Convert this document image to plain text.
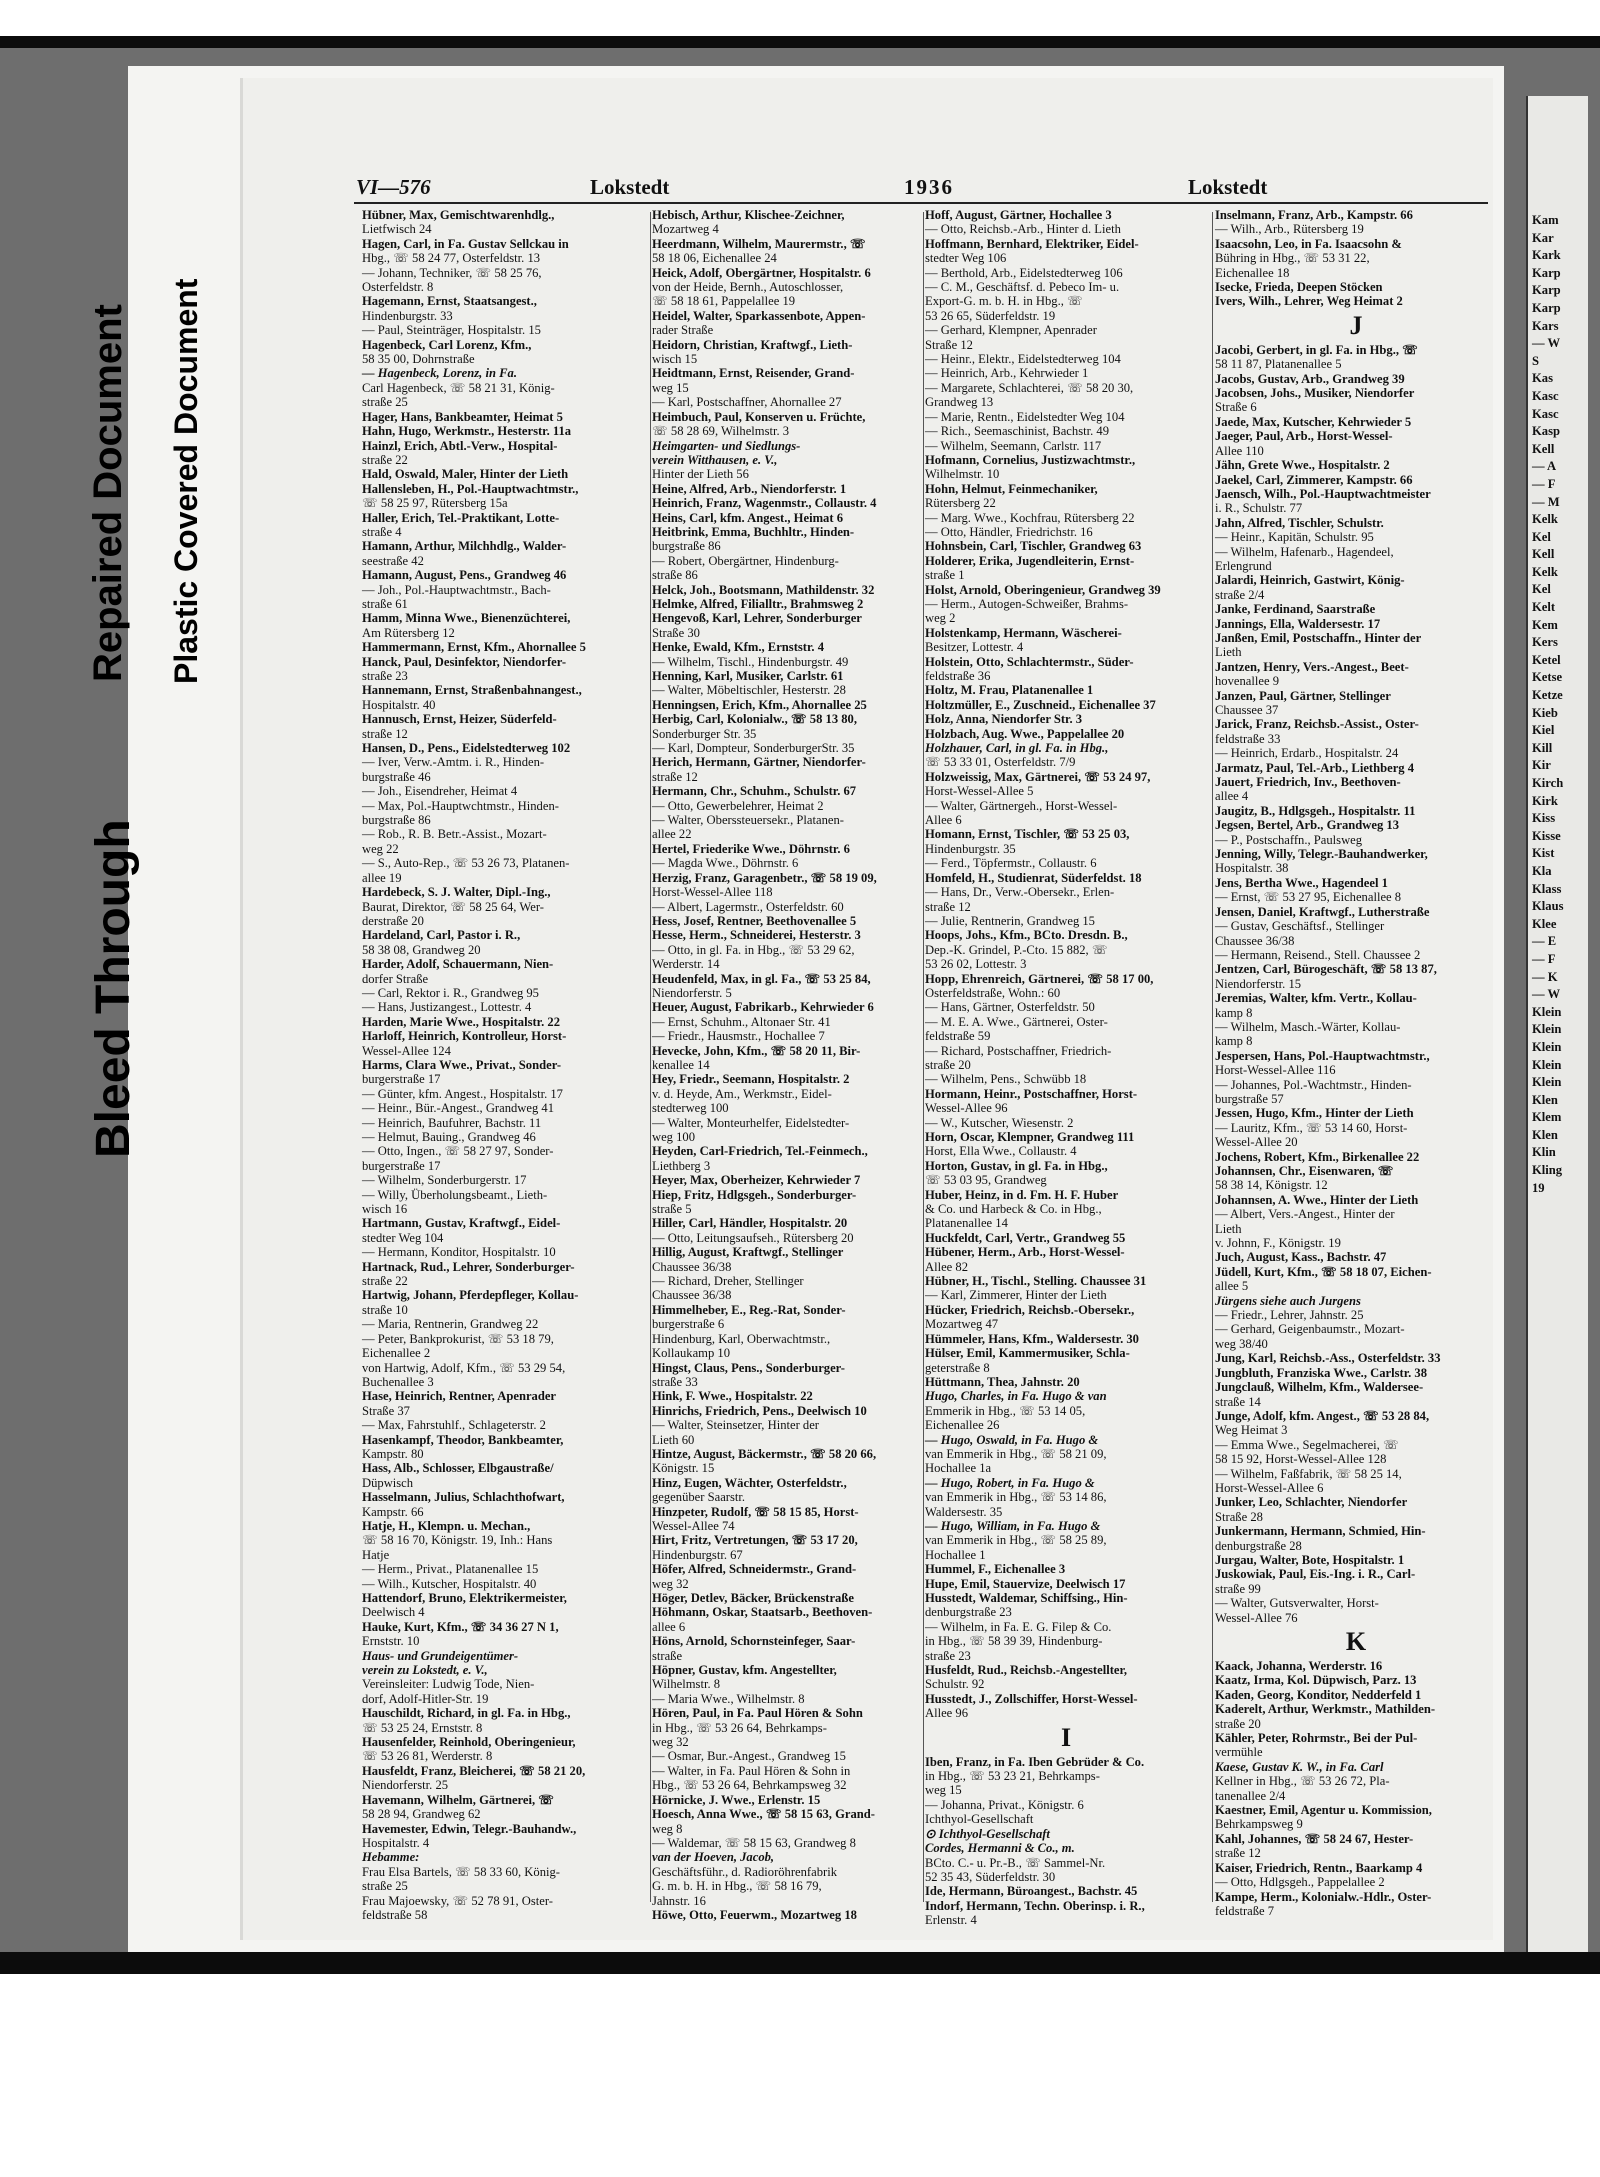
Bleed Through
Repaired Document Plastic Covered Document
VI—576	Lokstedt	1936	Lokstedt
Hübner, Max, Gemischtwarenhdlg.,
Lietfwisch 24
Hagen, Carl, in Fa. Gustav Sellckau in
Hbg., ☏ 58 24 77, Osterfeldstr. 13
— Johann, Techniker, ☏ 58 25 76,
Osterfeldstr. 8
Hagemann, Ernst, Staatsangest.,
Hindenburgstr. 33
— Paul, Steinträger, Hospitalstr. 15
Hagenbeck, Carl Lorenz, Kfm.,
58 35 00, Dohrnstraße
— Hagenbeck, Lorenz, in Fa.
Carl Hagenbeck, ☏ 58 21 31, König-
straße 25
Hager, Hans, Bankbeamter, Heimat 5
Hahn, Hugo, Werkmstr., Hesterstr. 11a
Hainzl, Erich, Abtl.-Verw., Hospital-
straße 22
Hald, Oswald, Maler, Hinter der Lieth
Hallensleben, H., Pol.-Hauptwachtmstr.,
☏ 58 25 97, Rütersberg 15a
Haller, Erich, Tel.-Praktikant, Lotte-
straße 4
Hamann, Arthur, Milchhdlg., Walder-
seestraße 42
Hamann, August, Pens., Grandweg 46
— Joh., Pol.-Hauptwachtmstr., Bach-
straße 61
Hamm, Minna Wwe., Bienenzüchterei,
Am Rütersberg 12
Hammermann, Ernst, Kfm., Ahornallee 5
Hanck, Paul, Desinfektor, Niendorfer-
straße 23
Hannemann, Ernst, Straßenbahnangest.,
Hospitalstr. 40
Hannusch, Ernst, Heizer, Süderfeld-
straße 12
Hansen, D., Pens., Eidelstedterweg 102
— Iver, Verw.-Amtm. i. R., Hinden-
burgstraße 46
— Joh., Eisendreher, Heimat 4
— Max, Pol.-Hauptwchtmstr., Hinden-
burgstraße 86
— Rob., R. B. Betr.-Assist., Mozart-
weg 22
— S., Auto-Rep., ☏ 53 26 73, Platanen-
allee 19
Hardebeck, S. J. Walter, Dipl.-Ing.,
Baurat, Direktor, ☏ 58 25 64, Wer-
derstraße 20
Hardeland, Carl, Pastor i. R.,
58 38 08, Grandweg 20
Harder, Adolf, Schauermann, Nien-
dorfer Straße
— Carl, Rektor i. R., Grandweg 95
— Hans, Justizangest., Lottestr. 4
Harden, Marie Wwe., Hospitalstr. 22
Harloff, Heinrich, Kontrolleur, Horst-
Wessel-Allee 124
Harms, Clara Wwe., Privat., Sonder-
burgerstraße 17
— Günter, kfm. Angest., Hospitalstr. 17
— Heinr., Bür.-Angest., Grandweg 41
— Heinrich, Baufuhrer, Bachstr. 11
— Helmut, Bauing., Grandweg 46
— Otto, Ingen., ☏ 58 27 97, Sonder-
burgerstraße 17
— Wilhelm, Sonderburgerstr. 17
— Willy, Überholungsbeamt., Lieth-
wisch 16
Hartmann, Gustav, Kraftwgf., Eidel-
stedter Weg 104
— Hermann, Konditor, Hospitalstr. 10
Hartnack, Rud., Lehrer, Sonderburger-
straße 22
Hartwig, Johann, Pferdepfleger, Kollau-
straße 10
— Maria, Rentnerin, Grandweg 22
— Peter, Bankprokurist, ☏ 53 18 79,
Eichenallee 2
von Hartwig, Adolf, Kfm., ☏ 53 29 54,
Buchenallee 3
Hase, Heinrich, Rentner, Apenrader
Straße 37
— Max, Fahrstuhlf., Schlageterstr. 2
Hasenkampf, Theodor, Bankbeamter,
Kampstr. 80
Hass, Alb., Schlosser, Elbgaustraße/
Düpwisch
Hasselmann, Julius, Schlachthofwart,
Kampstr. 66
Hatje, H., Klempn. u. Mechan.,
☏ 58 16 70, Königstr. 19, Inh.: Hans
Hatje
— Herm., Privat., Platanenallee 15
— Wilh., Kutscher, Hospitalstr. 40
Hattendorf, Bruno, Elektrikermeister,
Deelwisch 4
Hauke, Kurt, Kfm., ☏ 34 36 27 N 1,
Ernststr. 10
Haus- und Grundeigentümer-
verein zu Lokstedt, e. V.,
Vereinsleiter: Ludwig Tode, Nien-
dorf, Adolf-Hitler-Str. 19
Hauschildt, Richard, in gl. Fa. in Hbg.,
☏ 53 25 24, Ernststr. 8
Hausenfelder, Reinhold, Oberingenieur,
☏ 53 26 81, Werderstr. 8
Hausfeldt, Franz, Bleicherei, ☏ 58 21 20,
Niendorferstr. 25
Havemann, Wilhelm, Gärtnerei, ☏
58 28 94, Grandweg 62
Havemester, Edwin, Telegr.-Bauhandw.,
Hospitalstr. 4
Hebamme:
Frau Elsa Bartels, ☏ 58 33 60, König-
straße 25
Frau Majoewsky, ☏ 52 78 91, Oster-
feldstraße 58
Hebisch, Arthur, Klischee-Zeichner,
Mozartweg 4
Heerdmann, Wilhelm, Maurermstr., ☏
58 18 06, Eichenallee 24
Heick, Adolf, Obergärtner, Hospitalstr. 6
von der Heide, Bernh., Autoschlosser,
☏ 58 18 61, Pappelallee 19
Heidel, Walter, Sparkassenbote, Appen-
rader Straße
Heidorn, Christian, Kraftwgf., Lieth-
wisch 15
Heidtmann, Ernst, Reisender, Grand-
weg 15
— Karl, Postschaffner, Ahornallee 27
Heimbuch, Paul, Konserven u. Früchte,
☏ 58 28 69, Wilhelmstr. 3
Heimgarten- und Siedlungs-
verein Witthausen, e. V.,
Hinter der Lieth 56
Heine, Alfred, Arb., Niendorferstr. 1
Heinrich, Franz, Wagenmstr., Collaustr. 4
Heins, Carl, kfm. Angest., Heimat 6
Heitbrink, Emma, Buchhltr., Hinden-
burgstraße 86
— Robert, Obergärtner, Hindenburg-
straße 86
Helck, Joh., Bootsmann, Mathildenstr. 32
Helmke, Alfred, Filialltr., Brahmsweg 2
Hengevoß, Karl, Lehrer, Sonderburger
Straße 30
Henke, Ewald, Kfm., Ernststr. 4
— Wilhelm, Tischl., Hindenburgstr. 49
Henning, Karl, Musiker, Carlstr. 61
— Walter, Möbeltischler, Hesterstr. 28
Henningsen, Erich, Kfm., Ahornallee 25
Herbig, Carl, Kolonialw., ☏ 58 13 80,
Sonderburger Str. 35
— Karl, Dompteur, SonderburgerStr. 35
Herich, Hermann, Gärtner, Niendorfer-
straße 12
Hermann, Chr., Schuhm., Schulstr. 67
— Otto, Gewerbelehrer, Heimat 2
— Walter, Oberssteuersekr., Platanen-
allee 22
Hertel, Friederike Wwe., Döhrnstr. 6
— Magda Wwe., Döhrnstr. 6
Herzig, Franz, Garagenbetr., ☏ 58 19 09,
Horst-Wessel-Allee 118
— Albert, Lagermstr., Osterfeldstr. 60
Hess, Josef, Rentner, Beethovenallee 5
Hesse, Herm., Schneiderei, Hesterstr. 3
— Otto, in gl. Fa. in Hbg., ☏ 53 29 62,
Werderstr. 14
Heudenfeld, Max, in gl. Fa., ☏ 53 25 84,
Niendorferstr. 5
Heuer, August, Fabrikarb., Kehrwieder 6
— Ernst, Schuhm., Altonaer Str. 41
— Friedr., Hausmstr., Hochallee 7
Hevecke, John, Kfm., ☏ 58 20 11, Bir-
kenallee 14
Hey, Friedr., Seemann, Hospitalstr. 2
v. d. Heyde, Am., Werkmstr., Eidel-
stedterweg 100
— Walter, Monteurhelfer, Eidelstedter-
weg 100
Heyden, Carl-Friedrich, Tel.-Feinmech.,
Liethberg 3
Heyer, Max, Oberheizer, Kehrwieder 7
Hiep, Fritz, Hdlgsgeh., Sonderburger-
straße 5
Hiller, Carl, Händler, Hospitalstr. 20
— Otto, Leitungsaufseh., Rütersberg 20
Hillig, August, Kraftwgf., Stellinger
Chaussee 36/38
— Richard, Dreher, Stellinger
Chaussee 36/38
Himmelheber, E., Reg.-Rat, Sonder-
burgerstraße 6
Hindenburg, Karl, Oberwachtmstr.,
Kollaukamp 10
Hingst, Claus, Pens., Sonderburger-
straße 33
Hink, F. Wwe., Hospitalstr. 22
Hinrichs, Friedrich, Pens., Deelwisch 10
— Walter, Steinsetzer, Hinter der
Lieth 60
Hintze, August, Bäckermstr., ☏ 58 20 66,
Königstr. 15
Hinz, Eugen, Wächter, Osterfeldstr.,
gegenüber Saarstr.
Hinzpeter, Rudolf, ☏ 58 15 85, Horst-
Wessel-Allee 74
Hirt, Fritz, Vertretungen, ☏ 53 17 20,
Hindenburgstr. 67
Höfer, Alfred, Schneidermstr., Grand-
weg 32
Höger, Detlev, Bäcker, Brückenstraße
Höhmann, Oskar, Staatsarb., Beethoven-
allee 6
Höns, Arnold, Schornsteinfeger, Saar-
straße
Höpner, Gustav, kfm. Angestellter,
Wilhelmstr. 8
— Maria Wwe., Wilhelmstr. 8
Hören, Paul, in Fa. Paul Hören & Sohn
in Hbg., ☏ 53 26 64, Behrkamps-
weg 32
— Osmar, Bur.-Angest., Grandweg 15
— Walter, in Fa. Paul Hören & Sohn in
Hbg., ☏ 53 26 64, Behrkampsweg 32
Hörnicke, J. Wwe., Erlenstr. 15
Hoesch, Anna Wwe., ☏ 58 15 63, Grand-
weg 8
— Waldemar, ☏ 58 15 63, Grandweg 8
van der Hoeven, Jacob,
Geschäftsführ., d. Radioröhrenfabrik
G. m. b. H. in Hbg., ☏ 58 16 79,
Jahnstr. 16
Höwe, Otto, Feuerwm., Mozartweg 18
Hoff, August, Gärtner, Hochallee 3
— Otto, Reichsb.-Arb., Hinter d. Lieth
Hoffmann, Bernhard, Elektriker, Eidel-
stedter Weg 106
— Berthold, Arb., Eidelstedterweg 106
— C. M., Geschäftsf. d. Pebeco Im- u.
Export-G. m. b. H. in Hbg., ☏
53 26 65, Süderfeldstr. 19
— Gerhard, Klempner, Apenrader
Straße 12
— Heinr., Elektr., Eidelstedterweg 104
— Heinrich, Arb., Kehrwieder 1
— Margarete, Schlachterei, ☏ 58 20 30,
Grandweg 13
— Marie, Rentn., Eidelstedter Weg 104
— Rich., Seemaschinist, Bachstr. 49
— Wilhelm, Seemann, Carlstr. 117
Hofmann, Cornelius, Justizwachtmstr.,
Wilhelmstr. 10
Hohn, Helmut, Feinmechaniker,
Rütersberg 22
— Marg. Wwe., Kochfrau, Rütersberg 22
— Otto, Händler, Friedrichstr. 16
Hohnsbein, Carl, Tischler, Grandweg 63
Holderer, Erika, Jugendleiterin, Ernst-
straße 1
Holst, Arnold, Oberingenieur, Grandweg 39
— Herm., Autogen-Schweißer, Brahms-
weg 2
Holstenkamp, Hermann, Wäscherei-
Besitzer, Lottestr. 4
Holstein, Otto, Schlachtermstr., Süder-
feldstraße 36
Holtz, M. Frau, Platanenallee 1
Holtzmüller, E., Zuschneid., Eichenallee 37
Holz, Anna, Niendorfer Str. 3
Holzbach, Aug. Wwe., Pappelallee 20
Holzhauer, Carl, in gl. Fa. in Hbg.,
☏ 53 33 01, Osterfeldstr. 7/9
Holzweissig, Max, Gärtnerei, ☏ 53 24 97,
Horst-Wessel-Allee 5
— Walter, Gärtnergeh., Horst-Wessel-
Allee 6
Homann, Ernst, Tischler, ☏ 53 25 03,
Hindenburgstr. 35
— Ferd., Töpfermstr., Collaustr. 6
Homfeld, H., Studienrat, Süderfeldst. 18
— Hans, Dr., Verw.-Obersekr., Erlen-
straße 12
— Julie, Rentnerin, Grandweg 15
Hoops, Johs., Kfm., BCto. Dresdn. B.,
Dep.-K. Grindel, P.-Cto. 15 882, ☏
53 26 02, Lottestr. 3
Hopp, Ehrenreich, Gärtnerei, ☏ 58 17 00,
Osterfeldstraße, Wohn.: 60
— Hans, Gärtner, Osterfeldstr. 50
— M. E. A. Wwe., Gärtnerei, Oster-
feldstraße 59
— Richard, Postschaffner, Friedrich-
straße 20
— Wilhelm, Pens., Schwübb 18
Hormann, Heinr., Postschaffner, Horst-
Wessel-Allee 96
— W., Kutscher, Wiesenstr. 2
Horn, Oscar, Klempner, Grandweg 111
Horst, Ella Wwe., Collaustr. 4
Horton, Gustav, in gl. Fa. in Hbg.,
☏ 53 03 95, Grandweg
Huber, Heinz, in d. Fm. H. F. Huber
& Co. und Harbeck & Co. in Hbg.,
Platanenallee 14
Huckfeldt, Carl, Vertr., Grandweg 55
Hübener, Herm., Arb., Horst-Wessel-
Allee 82
Hübner, H., Tischl., Stelling. Chaussee 31
— Karl, Zimmerer, Hinter der Lieth
Hücker, Friedrich, Reichsb.-Obersekr.,
Mozartweg 47
Hümmeler, Hans, Kfm., Waldersestr. 30
Hülser, Emil, Kammermusiker, Schla-
geterstraße 8
Hüttmann, Thea, Jahnstr. 20
Hugo, Charles, in Fa. Hugo & van
Emmerik in Hbg., ☏ 53 14 05,
Eichenallee 26
— Hugo, Oswald, in Fa. Hugo &
van Emmerik in Hbg., ☏ 58 21 09,
Hochallee 1a
— Hugo, Robert, in Fa. Hugo &
van Emmerik in Hbg., ☏ 53 14 86,
Waldersestr. 35
— Hugo, William, in Fa. Hugo &
van Emmerik in Hbg., ☏ 58 25 89,
Hochallee 1
Hummel, F., Eichenallee 3
Hupe, Emil, Stauervize, Deelwisch 17
Husstedt, Waldemar, Schiffsing., Hin-
denburgstraße 23
— Wilhelm, in Fa. E. G. Filep & Co.
in Hbg., ☏ 58 39 39, Hindenburg-
straße 23
Husfeldt, Rud., Reichsb.-Angestellter,
Schulstr. 92
Husstedt, J., Zollschiffer, Horst-Wessel-
Allee 96
I
Iben, Franz, in Fa. Iben Gebrüder & Co.
in Hbg., ☏ 53 23 21, Behrkamps-
weg 15
— Johanna, Privat., Königstr. 6
Ichthyol-Gesellschaft
⊙ Ichthyol-Gesellschaft
Cordes, Hermanni & Co., m.
BCto. C.- u. Pr.-B., ☏ Sammel-Nr.
52 35 43, Süderfeldstr. 30
Ide, Hermann, Büroangest., Bachstr. 45
Indorf, Hermann, Techn. Oberinsp. i. R.,
Erlenstr. 4
Inselmann, Franz, Arb., Kampstr. 66
— Wilh., Arb., Rütersberg 19
Isaacsohn, Leo, in Fa. Isaacsohn &
Bühring in Hbg., ☏ 53 31 22,
Eichenallee 18
Isecke, Frieda, Deepen Stöcken
Ivers, Wilh., Lehrer, Weg Heimat 2
J
Jacobi, Gerbert, in gl. Fa. in Hbg., ☏
58 11 87, Platanenallee 5
Jacobs, Gustav, Arb., Grandweg 39
Jacobsen, Johs., Musiker, Niendorfer
Straße 6
Jaede, Max, Kutscher, Kehrwieder 5
Jaeger, Paul, Arb., Horst-Wessel-
Allee 110
Jähn, Grete Wwe., Hospitalstr. 2
Jaekel, Carl, Zimmerer, Kampstr. 66
Jaensch, Wilh., Pol.-Hauptwachtmeister
i. R., Schulstr. 77
Jahn, Alfred, Tischler, Schulstr.
— Heinr., Kapitän, Schulstr. 95
— Wilhelm, Hafenarb., Hagendeel,
Erlengrund
Jalardi, Heinrich, Gastwirt, König-
straße 2/4
Janke, Ferdinand, Saarstraße
Jannings, Ella, Waldersestr. 17
Janßen, Emil, Postschaffn., Hinter der
Lieth
Jantzen, Henry, Vers.-Angest., Beet-
hovenallee 9
Janzen, Paul, Gärtner, Stellinger
Chaussee 37
Jarick, Franz, Reichsb.-Assist., Oster-
feldstraße 33
— Heinrich, Erdarb., Hospitalstr. 24
Jarmatz, Paul, Tel.-Arb., Liethberg 4
Jauert, Friedrich, Inv., Beethoven-
allee 4
Jaugitz, B., Hdlgsgeh., Hospitalstr. 11
Jegsen, Bertel, Arb., Grandweg 13
— P., Postschaffn., Paulsweg
Jenning, Willy, Telegr.-Bauhandwerker,
Hospitalstr. 38
Jens, Bertha Wwe., Hagendeel 1
— Ernst, ☏ 53 27 95, Eichenallee 8
Jensen, Daniel, Kraftwgf., Lutherstraße
— Gustav, Geschäftsf., Stellinger
Chaussee 36/38
— Hermann, Reisend., Stell. Chaussee 2
Jentzen, Carl, Bürogeschäft, ☏ 58 13 87,
Niendorferstr. 15
Jeremias, Walter, kfm. Vertr., Kollau-
kamp 8
— Wilhelm, Masch.-Wärter, Kollau-
kamp 8
Jespersen, Hans, Pol.-Hauptwachtmstr.,
Horst-Wessel-Allee 116
— Johannes, Pol.-Wachtmstr., Hinden-
burgstraße 57
Jessen, Hugo, Kfm., Hinter der Lieth
— Lauritz, Kfm., ☏ 53 14 60, Horst-
Wessel-Allee 20
Jochens, Robert, Kfm., Birkenallee 22
Johannsen, Chr., Eisenwaren, ☏
58 38 14, Königstr. 12
Johannsen, A. Wwe., Hinter der Lieth
— Albert, Vers.-Angest., Hinter der
Lieth
v. Johnn, F., Königstr. 19
Juch, August, Kass., Bachstr. 47
Jüdell, Kurt, Kfm., ☏ 58 18 07, Eichen-
allee 5
Jürgens siehe auch Jurgens
— Friedr., Lehrer, Jahnstr. 25
— Gerhard, Geigenbaumstr., Mozart-
weg 38/40
Jung, Karl, Reichsb.-Ass., Osterfeldstr. 33
Jungbluth, Franziska Wwe., Carlstr. 38
Jungclauß, Wilhelm, Kfm., Waldersee-
straße 14
Junge, Adolf, kfm. Angest., ☏ 53 28 84,
Weg Heimat 3
— Emma Wwe., Segelmacherei, ☏
58 15 92, Horst-Wessel-Allee 128
— Wilhelm, Faßfabrik, ☏ 58 25 14,
Horst-Wessel-Allee 6
Junker, Leo, Schlachter, Niendorfer
Straße 28
Junkermann, Hermann, Schmied, Hin-
denburgstraße 28
Jurgau, Walter, Bote, Hospitalstr. 1
Juskowiak, Paul, Eis.-Ing. i. R., Carl-
straße 99
— Walter, Gutsverwalter, Horst-
Wessel-Allee 76
K
Kaack, Johanna, Werderstr. 16
Kaatz, Irma, Kol. Düpwisch, Parz. 13
Kaden, Georg, Konditor, Nedderfeld 1
Kaderelt, Arthur, Werkmstr., Mathilden-
straße 20
Kähler, Peter, Rohrmstr., Bei der Pul-
vermühle
Kaese, Gustav K. W., in Fa. Carl
Kellner in Hbg., ☏ 53 26 72, Pla-
tanenallee 2/4
Kaestner, Emil, Agentur u. Kommission,
Behrkampsweg 9
Kahl, Johannes, ☏ 58 24 67, Hester-
straße 12
Kaiser, Friedrich, Rentn., Baarkamp 4
— Otto, Hdlgsgeh., Pappelallee 2
Kampe, Herm., Kolonialw.-Hdlr., Oster-
feldstraße 7
Kam
Kar
Kark
Karp
Karp
Karp
Kars
— W
S
Kas
Kasc
Kasc
Kasp
Kell
— A
— F
— M
Kelk
Kel
Kell
Kelk
Kel
Kelt
Kem
Kers
Ketel
Ketse
Ketze
Kieb
Kiel
Kill
Kir
Kirch
Kirk
Kiss
Kisse
Kist
Kla
Klass
Klaus
Klee
— E
— F
— K
— W
Klein
Klein
Klein
Klein
Klein
Klen
Klem
Klen
Klin
Kling
19
